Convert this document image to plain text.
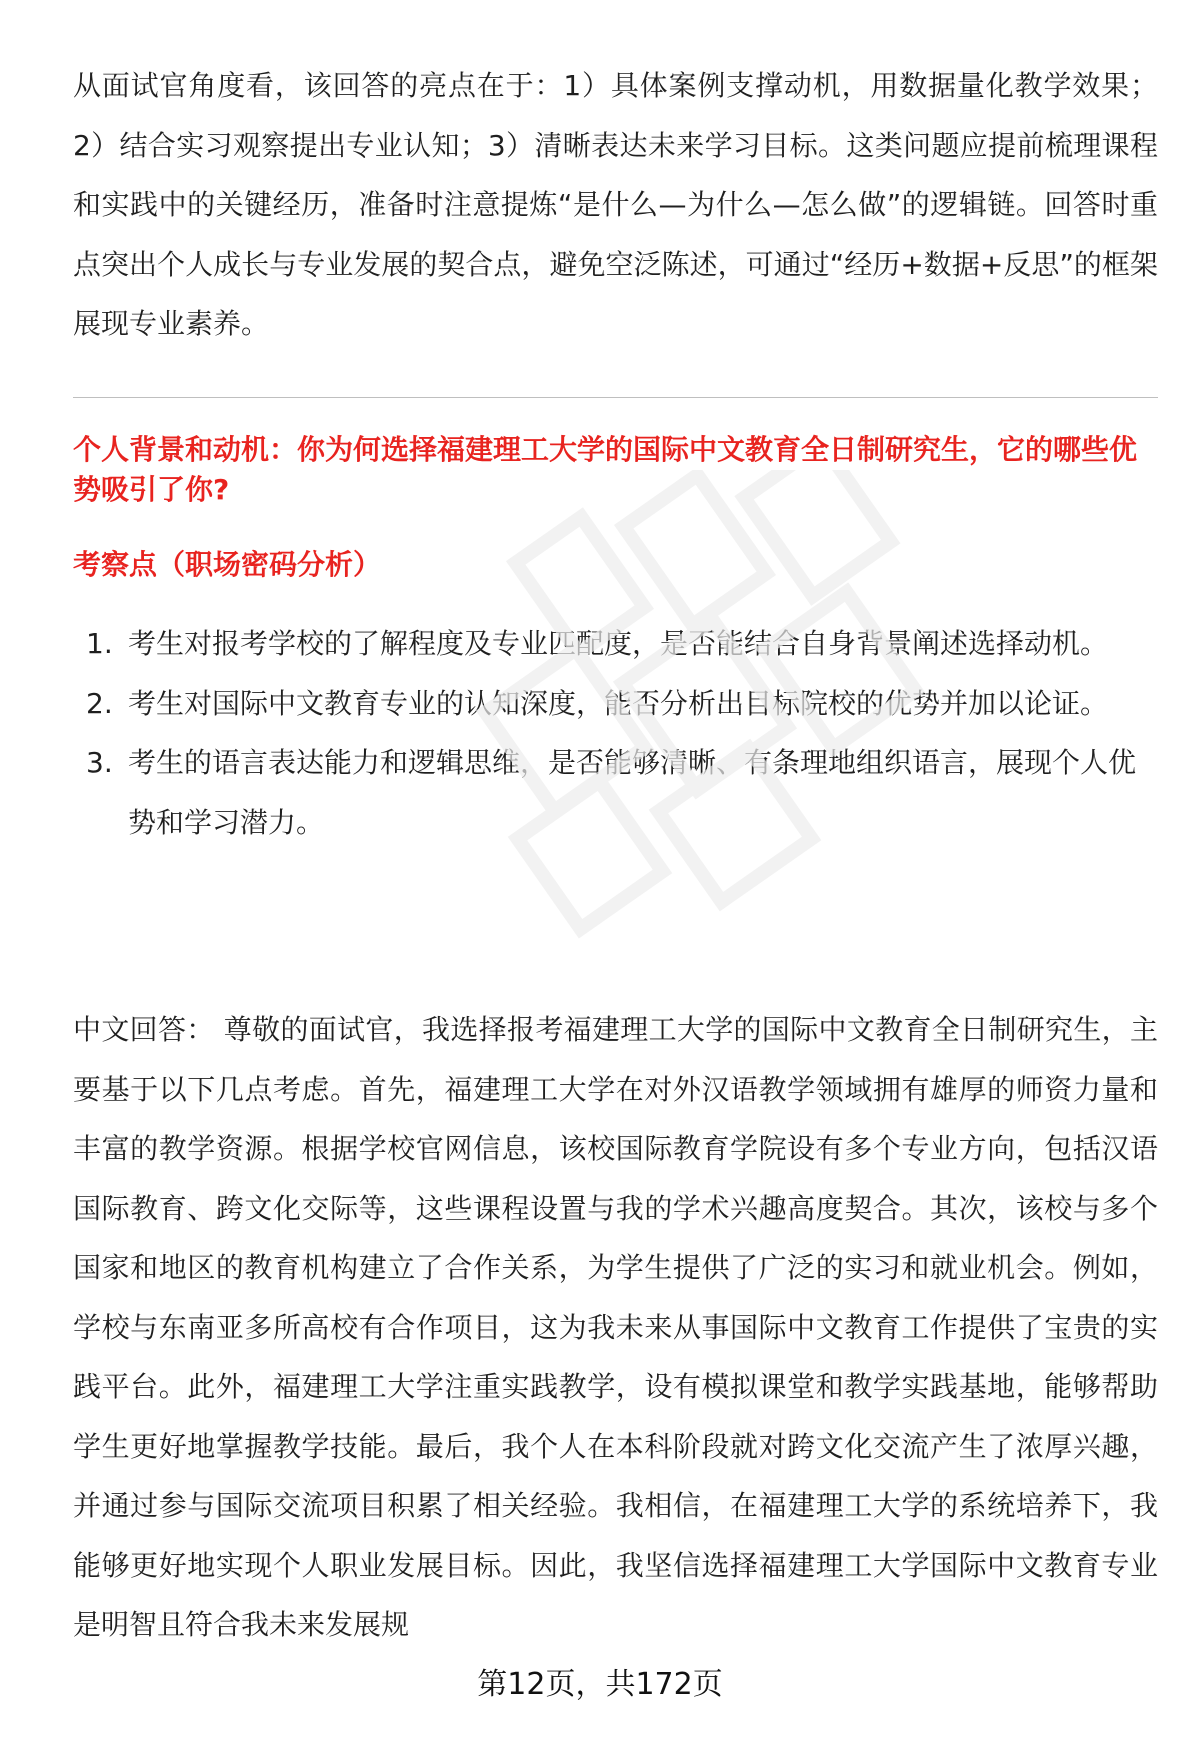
从面试官角度看，该回答的亮点在于：1）具体案例支撑动机，用数据量化教学效果；2）结合实习观察提出专业认知；3）清晰表达未来学习目标。这类问题应提前梳理课程和实践中的关键经历，准备时注意提炼“是什么—为什么—怎么做”的逻辑链。回答时重点突出个人成长与专业发展的契合点，避免空泛陈述，可通过“经历+数据+反思”的框架展现专业素养。

个人背景和动机：你为何选择福建理工大学的国际中文教育全日制研究生，它的哪些优势吸引了你?
考察点（职场密码分析）
1. 考生对报考学校的了解程度及专业匹配度，是否能结合自身背景阐述选择动机。
2. 考生对国际中文教育专业的认知深度，能否分析出目标院校的优势并加以论证。
3. 考生的语言表达能力和逻辑思维，是否能够清晰、有条理地组织语言，展现个人优势和学习潜力。

中文回答： 尊敬的面试官，我选择报考福建理工大学的国际中文教育全日制研究生，主要基于以下几点考虑。首先，福建理工大学在对外汉语教学领域拥有雄厚的师资力量和丰富的教学资源。根据学校官网信息，该校国际教育学院设有多个专业方向，包括汉语国际教育、跨文化交际等，这些课程设置与我的学术兴趣高度契合。其次，该校与多个国家和地区的教育机构建立了合作关系，为学生提供了广泛的实习和就业机会。例如，学校与东南亚多所高校有合作项目，这为我未来从事国际中文教育工作提供了宝贵的实践平台。此外，福建理工大学注重实践教学，设有模拟课堂和教学实践基地，能够帮助学生更好地掌握教学技能。最后，我个人在本科阶段就对跨文化交流产生了浓厚兴趣，并通过参与国际交流项目积累了相关经验。我相信，在福建理工大学的系统培养下，我能够更好地实现个人职业发展目标。因此，我坚信选择福建理工大学国际中文教育专业是明智且符合我未来发展规

第12页，共172页
